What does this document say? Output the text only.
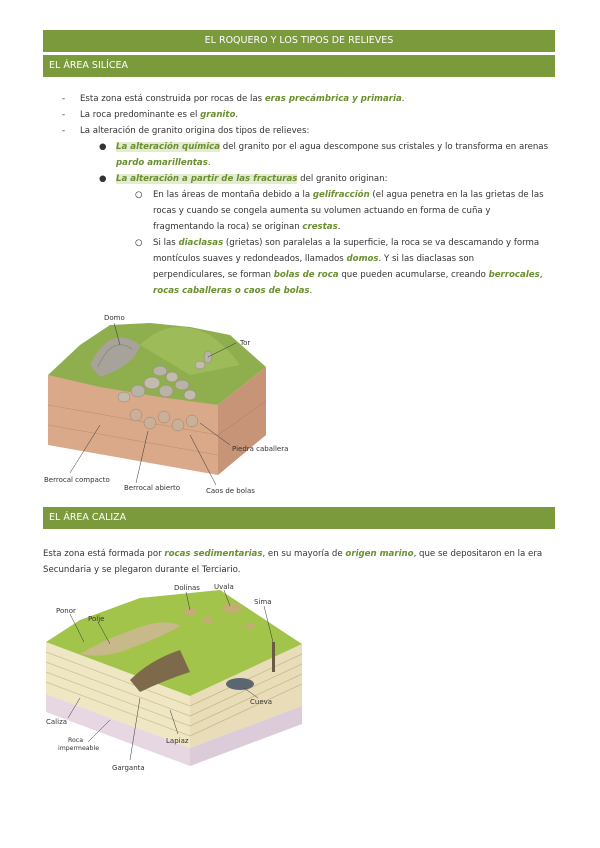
EL ROQUERO Y LOS TIPOS DE RELIEVES
EL ÁREA SILÍCEA
- Esta zona está construida por rocas de las eras precámbrica y primaria.
- La roca predominante es el granito.
- La alteración de granito origina dos tipos de relieves:
● La alteración química del granito por el agua descompone sus cristales y lo transforma en arenas
pardo amarillentas.
● La alteración a partir de las fracturas del granito originan:
○ En las áreas de montaña debido a la gelifracción (el agua penetra en la las grietas de las
rocas y cuando se congela aumenta su volumen actuando en forma de cuña y
fragmentando la roca) se originan crestas.
○ Si las diaclasas (grietas) son paralelas a la superficie, la roca se va descamando y forma
montículos suaves y redondeados, llamados domos. Y si las diaclasas son
perpendiculares, se forman bolas de roca que pueden acumularse, creando berrocales,
rocas caballeras o caos de bolas.
Domo
Tor
Piedra caballera
Berrocal compacto
Berrocal abierto	Caos de bolas
EL ÁREA CALIZA
Esta zona está formada por rocas sedimentarias, en su mayoría de origen marino, que se depositaron en la era
Secundaria y se plegaron durante el Terciario.
Dolinas Uvala
Sima
Ponor
Polje
Cueva
Caliza
Roca
impermeable
Lapiaz
Garganta
